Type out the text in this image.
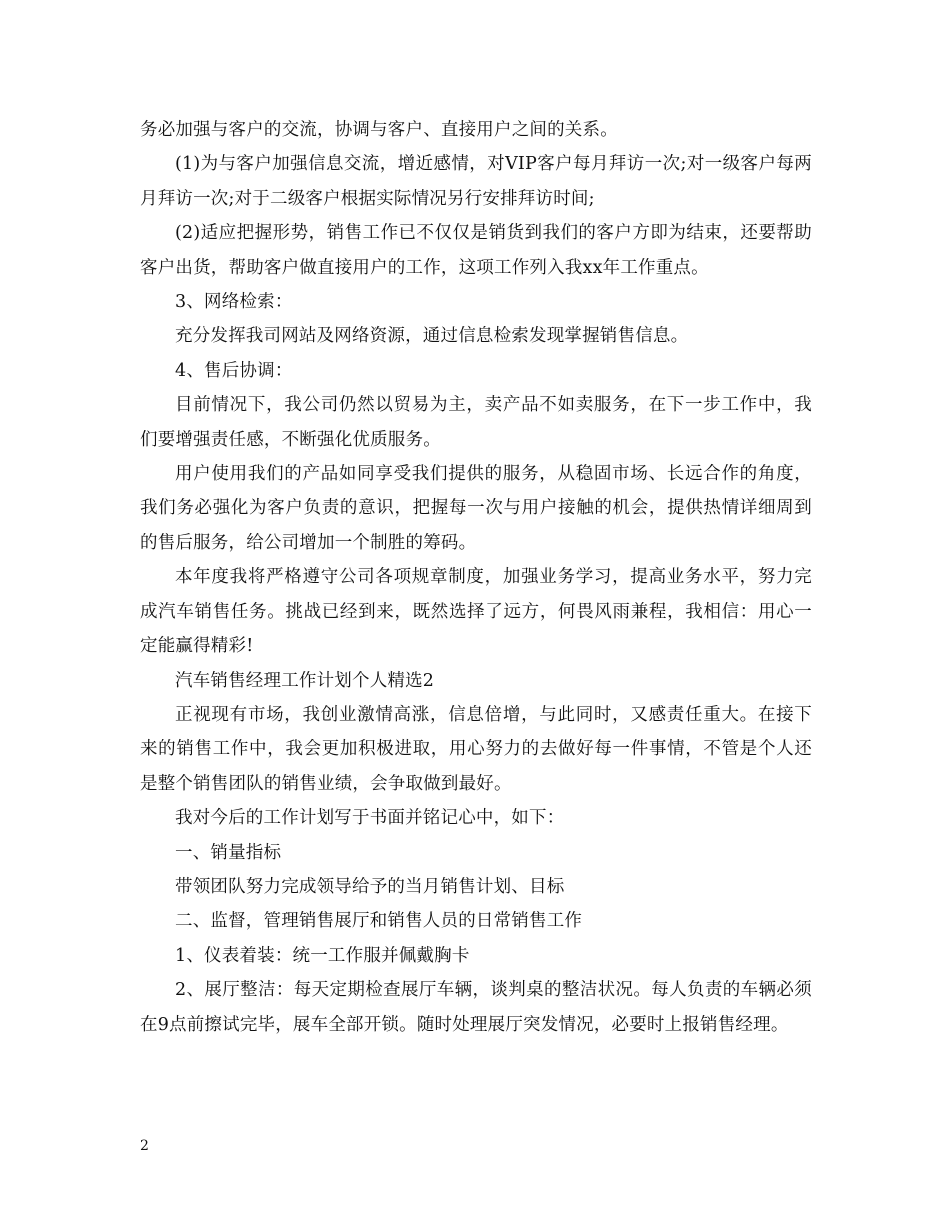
务必加强与客户的交流，协调与客户、直接用户之间的关系。

(1)为与客户加强信息交流，增近感情，对VIP客户每月拜访一次;对一级客户每两月拜访一次;对于二级客户根据实际情况另行安排拜访时间;

(2)适应把握形势，销售工作已不仅仅是销货到我们的客户方即为结束，还要帮助客户出货，帮助客户做直接用户的工作，这项工作列入我xx年工作重点。

3、网络检索：

充分发挥我司网站及网络资源，通过信息检索发现掌握销售信息。

4、售后协调：

目前情况下，我公司仍然以贸易为主，卖产品不如卖服务，在下一步工作中，我们要增强责任感，不断强化优质服务。

用户使用我们的产品如同享受我们提供的服务，从稳固市场、长远合作的角度，我们务必强化为客户负责的意识，把握每一次与用户接触的机会，提供热情详细周到的售后服务，给公司增加一个制胜的筹码。

本年度我将严格遵守公司各项规章制度，加强业务学习，提高业务水平，努力完成汽车销售任务。挑战已经到来，既然选择了远方，何畏风雨兼程，我相信：用心一定能赢得精彩!

汽车销售经理工作计划个人精选2

正视现有市场，我创业激情高涨，信息倍增，与此同时，又感责任重大。在接下来的销售工作中，我会更加积极进取，用心努力的去做好每一件事情，不管是个人还是整个销售团队的销售业绩，会争取做到最好。

我对今后的工作计划写于书面并铭记心中，如下：

一、销量指标

带领团队努力完成领导给予的当月销售计划、目标

二、监督，管理销售展厅和销售人员的日常销售工作

1、仪表着装：统一工作服并佩戴胸卡

2、展厅整洁：每天定期检查展厅车辆，谈判桌的整洁状况。每人负责的车辆必须在9点前擦试完毕，展车全部开锁。随时处理展厅突发情况，必要时上报销售经理。

2
